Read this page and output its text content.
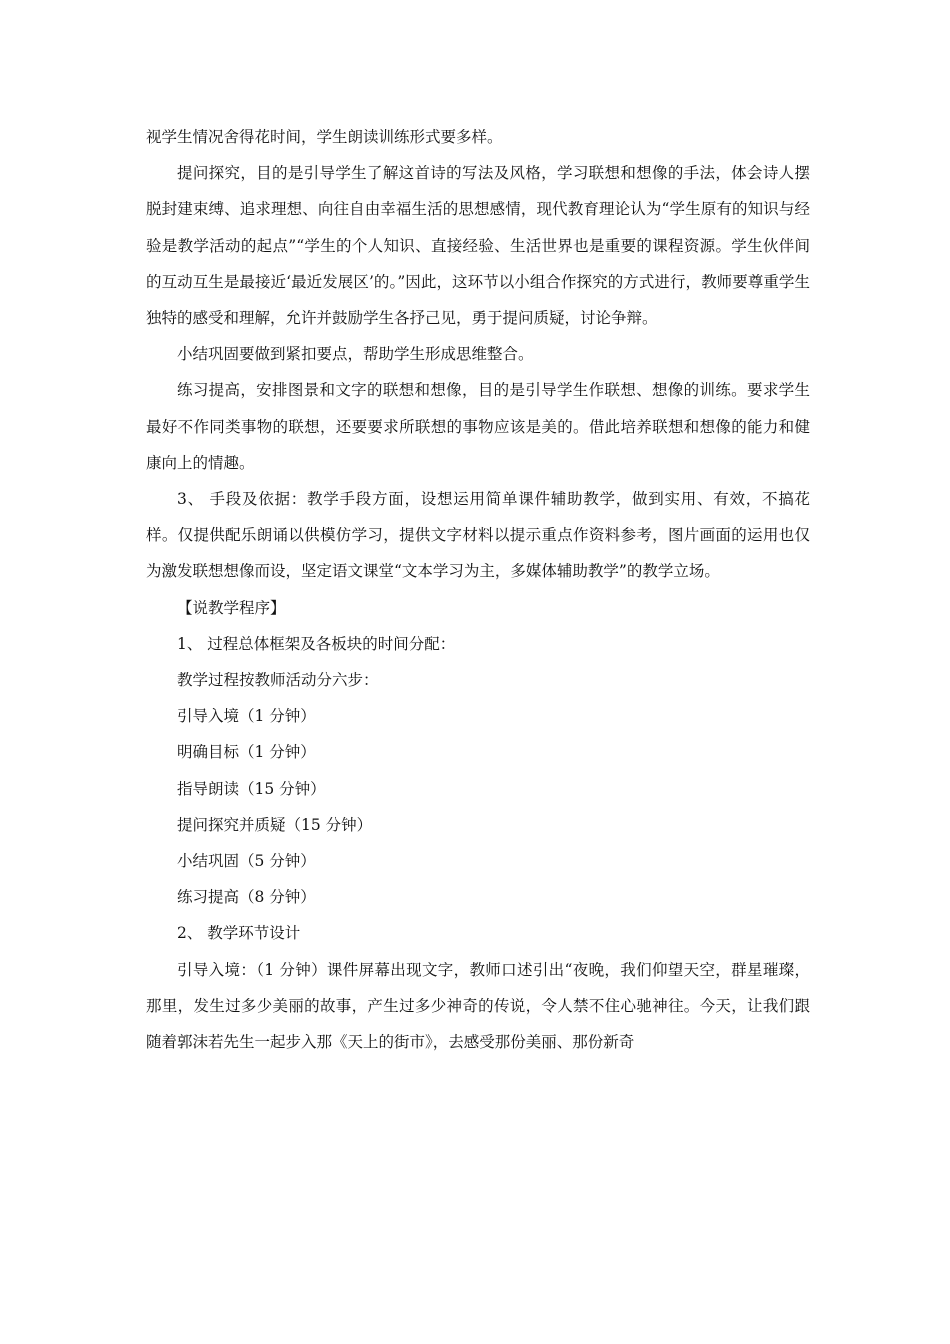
视学生情况舍得花时间，学生朗读训练形式要多样。

提问探究，目的是引导学生了解这首诗的写法及风格，学习联想和想像的手法，体会诗人摆脱封建束缚、追求理想、向往自由幸福生活的思想感情，现代教育理论认为“学生原有的知识与经验是教学活动的起点”“学生的个人知识、直接经验、生活世界也是重要的课程资源。学生伙伴间的互动互生是最接近‘最近发展区’的。”因此，这环节以小组合作探究的方式进行，教师要尊重学生独特的感受和理解，允许并鼓励学生各抒己见，勇于提问质疑，讨论争辩。

小结巩固要做到紧扣要点，帮助学生形成思维整合。

练习提高，安排图景和文字的联想和想像，目的是引导学生作联想、想像的训练。要求学生最好不作同类事物的联想，还要要求所联想的事物应该是美的。借此培养联想和想像的能力和健康向上的情趣。

3、 手段及依据：教学手段方面，设想运用简单课件辅助教学，做到实用、有效，不搞花样。仅提供配乐朗诵以供模仿学习，提供文字材料以提示重点作资料参考，图片画面的运用也仅为激发联想想像而设，坚定语文课堂“文本学习为主，多媒体辅助教学”的教学立场。

【说教学程序】
1、 过程总体框架及各板块的时间分配：
教学过程按教师活动分六步：
引导入境（1 分钟）
明确目标（1 分钟）
指导朗读（15 分钟）
提问探究并质疑（15 分钟）
小结巩固（5 分钟）
练习提高（8 分钟）
2、 教学环节设计

引导入境：（1 分钟）课件屏幕出现文字，教师口述引出“夜晚，我们仰望天空，群星璀璨，那里，发生过多少美丽的故事，产生过多少神奇的传说，令人禁不住心驰神往。今天，让我们跟随着郭沫若先生一起步入那《天上的街市》，去感受那份美丽、那份新奇
